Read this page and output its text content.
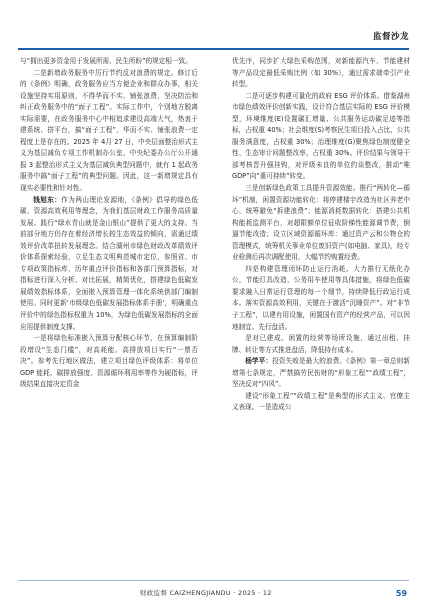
监督沙龙

与“拥出更多资金用于发展所需、民生所盼”的规定相一致。

二是新增政务服务中厉行节约反对浪费的规定。修订后的《条例》明确，政务服务应当方便企业和群众办事，相关设施坚持实用原则，不得华而不实、铺张浪费，坚决防治和纠正政务服务中的“面子工程”。实际工作中，个别地方脱离实际需要，在政务服务中心中相追求建设高端大气，热衷于建系统、搭平台，搞“面子工程”，华而不实、铺张浪费一定程度上是存在的。2025 年 4月 27 日，中央层面整治形式主义为基层减负专项工作机制办公室、中央纪委办公厅公开通报 3 起整治形式主义为基层减负典型问题中，就有 1 起政务服务中搞“面子工程”的典型问题。因此，这一新增规定具有现实必要性和针对性。

钱旭东：作为两山理论发源地，《条例》倡导的绿色低碳、资源高效利用等理念，为我们基层财政工作服务高质量发展、践行“绿水青山就是金山银山”提供了更大的支持。当前部分地方仍存在着经济增长较生态效益的倾向，需通过绩效评价改革扭转发展理念。结合湖州市绿色财政改革绩效评价体系探索经验，立足生态文明典范城市定位，参照省、市专项政策指标库，历年重点评价指标和各部门预算指标，对指标进行深入分析、对比拓展，精简优化，搭建绿色低碳发展绩效指标体系，全面嵌入预算管理一体化系统供部门编制使用。同时更新‘市级绿色低碳发展指标体系手册’，明确重点评价中的绿色指标权重为 10%，为绿色低碳发展指标的全面应用提供制度支撑。

一是将绿色标准嵌入预算分配核心环节，在预算编制阶段增设“生态门槛”，对高耗能、高排放项目实行“一票否决”。参考先行地区做法，建立项目绿色评级体系：将单位 GDP 能耗、碳排放强度、资源循环利用率等作为硬指标，评级结果直接决定资金

优先序，同步扩大绿色采购范围，对新能源汽车、节能建材等产品设定最低采购比例（如 30%），通过需求端牵引产业转型。

二是可逐步构建可量化的政府 ESG 评价体系。借鉴湖州市绿色绩效评价创新实践，设计符合基层实际的 ESG 评价模型，环境维度(E)设置碳汇增量、公共服务运动碳足迹等指标，占权重 40%；社会维度(S)考察民生项目投入占比、公共服务满意度，占权重 30%；治理维度(G)聚焦绿色制度健全性、生态审计问题整改率，占权重 30%。评价结果与领导干部考核晋升强挂钩，对评级未良的单位约谈整改，推动“唯 GDP”向“重可持续”转变。

三是创新绿色政策工具提升资源效能。推行“两转化—循环”机制，闲置资源功能转化：将停建楼宇改造为社区养老中心，统筹避免“拆建浪费”；能源消耗数据转化：搭建公共机构能耗监测平台，对超限额单位征收阶梯性能源调节费，倒逼节能改造；设立区域资源循环库：通过资产云和公物仓的管理模式，统筹机关事业单位废旧资产(如电脑、家具)，经专业检测后再次调配使用，大幅节约购置经费。

四是构建管理闭环防止运行消耗。大力推行无纸化办公，节能灯具改造、公务用车使用等具体措施，将绿色低碳要求融入日常运行管理的每一个细节，持续降低行政运行成本。落实资源高效利用，关键在于激活“沉睡资产”。对“非节子工程”，以建有用设施，闲置国有资产的经营产品，可以因地制宜、先行盘活。

是对已建成、闲置的经营等场所设施，通过出租、挂牌、转让等方式推进盘活，降低持有成本。

杨学平：投资失败是最大的浪费。《条例》第一章总则新增第七条规定，严禁搞劳民伤财的“形象工程”“政绩工程”，坚决反对“四风”。

建设“形象工程”“政绩工程”是典型的形式主义、官僚主义表现。一是造成公

财政监督 CAIZHENGJIANDU · 2025 · 12	59
